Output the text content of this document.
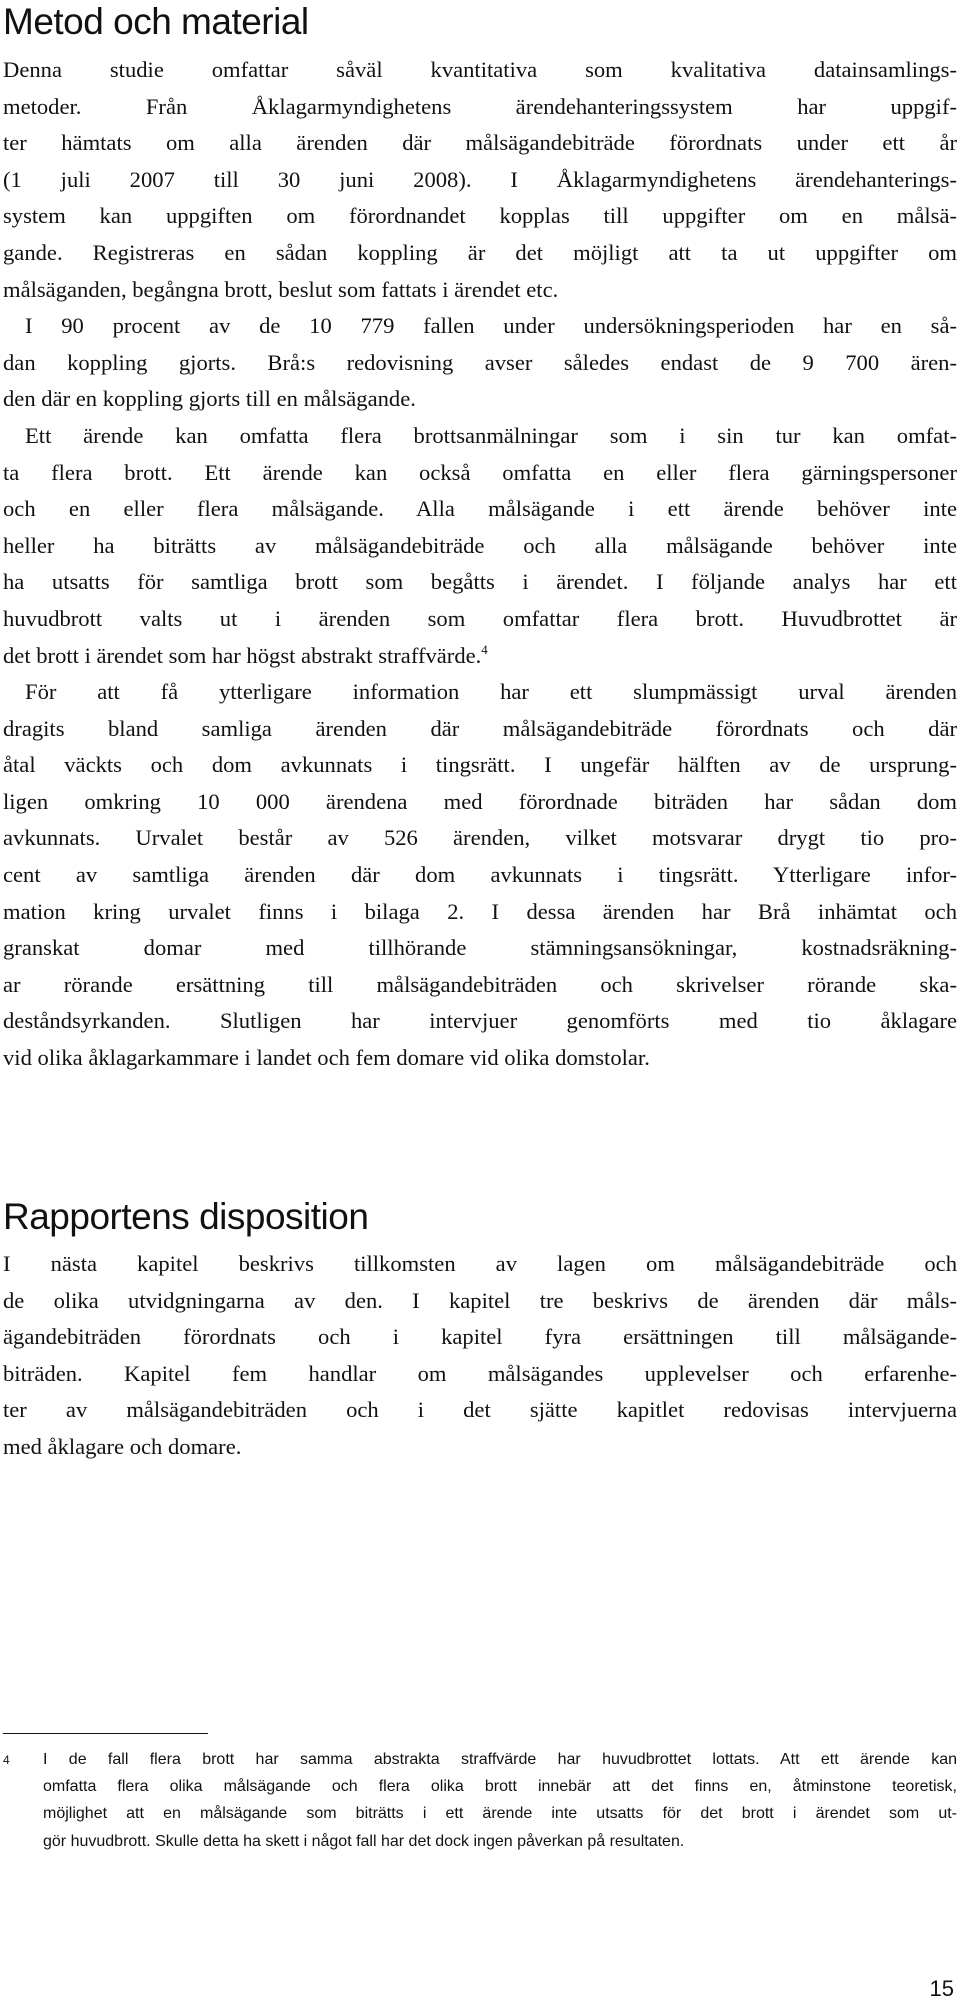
Metod och material
Denna studie omfattar såväl kvantitativa som kvalitativa datainsamlings-
metoder. Från Åklagarmyndighetens ärendehanteringssystem har uppgif-
ter hämtats om alla ärenden där målsägandebiträde förordnats under ett år
(1 juli 2007 till 30 juni 2008). I Åklagarmyndighetens ärendehanterings-
system kan uppgiften om förordnandet kopplas till uppgifter om en målsä-
gande. Registreras en sådan koppling är det möjligt att ta ut uppgifter om
målsäganden, begångna brott, beslut som fattats i ärendet etc.
I 90 procent av de 10 779 fallen under undersökningsperioden har en så-
dan koppling gjorts. Brå:s redovisning avser således endast de 9 700 ären-
den där en koppling gjorts till en målsägande.
Ett ärende kan omfatta flera brottsanmälningar som i sin tur kan omfat-
ta flera brott. Ett ärende kan också omfatta en eller flera gärningspersoner
och en eller flera målsägande. Alla målsägande i ett ärende behöver inte
heller ha biträtts av målsägandebiträde och alla målsägande behöver inte
ha utsatts för samtliga brott som begåtts i ärendet. I följande analys har ett
huvudbrott valts ut i ärenden som omfattar flera brott. Huvudbrottet är
det brott i ärendet som har högst abstrakt straffvärde.$^4$
För att få ytterligare information har ett slumpmässigt urval ärenden
dragits bland samliga ärenden där målsägandebiträde förordnats och där
åtal väckts och dom avkunnats i tingsrätt. I ungefär hälften av de ursprung-
ligen omkring 10 000 ärendena med förordnade biträden har sådan dom
avkunnats. Urvalet består av 526 ärenden, vilket motsvarar drygt tio pro-
cent av samtliga ärenden där dom avkunnats i tingsrätt. Ytterligare infor-
mation kring urvalet finns i bilaga 2. I dessa ärenden har Brå inhämtat och
granskat domar med tillhörande stämningsansökningar, kostnadsräkning-
ar rörande ersättning till målsägandebiträden och skrivelser rörande ska-
deståndsyrkanden. Slutligen har intervjuer genomförts med tio åklagare
vid olika åklagarkammare i landet och fem domare vid olika domstolar.
Rapportens disposition
I nästa kapitel beskrivs tillkomsten av lagen om målsägandebiträde och
de olika utvidgningarna av den. I kapitel tre beskrivs de ärenden där måls-
ägandebiträden förordnats och i kapitel fyra ersättningen till målsägande-
biträden. Kapitel fem handlar om målsägandes upplevelser och erfarenhe-
ter av målsägandebiträden och i det sjätte kapitlet redovisas intervjuerna
med åklagare och domare.
4 I de fall flera brott har samma abstrakta straffvärde har huvudbrottet lottats. Att ett ärende kan
omfatta flera olika målsägande och flera olika brott innebär att det finns en, åtminstone teoretisk,
möjlighet att en målsägande som biträtts i ett ärende inte utsatts för det brott i ärendet som ut-
gör huvudbrott. Skulle detta ha skett i något fall har det dock ingen påverkan på resultaten.
15
